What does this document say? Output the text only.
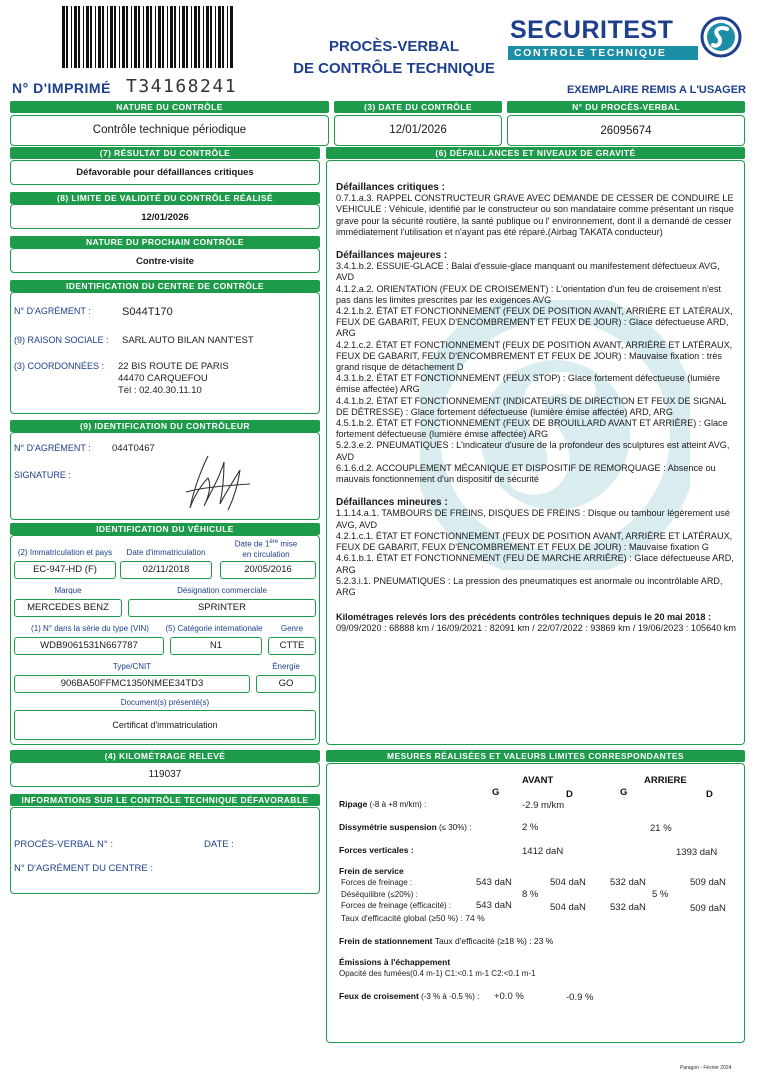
N° D'IMPRIMÉ T34168241
PROCÈS-VERBAL
DE CONTRÔLE TECHNIQUE
SECURITEST
CONTROLE TECHNIQUE
EXEMPLAIRE REMIS A L'USAGER
NATURE DU CONTRÔLE
Contrôle technique périodique
(3) DATE DU CONTRÔLE
12/01/2026
N° DU PROCÈS-VERBAL
26095674
(7) RÉSULTAT DU CONTRÔLE
Défavorable pour défaillances critiques
(8) LIMITE DE VALIDITÉ DU CONTRÔLE RÉALISÉ
12/01/2026
NATURE DU PROCHAIN CONTRÔLE
Contre-visite
IDENTIFICATION DU CENTRE DE CONTRÔLE
N° D'AGRÉMENT :	S044T170
(9) RAISON SOCIALE : SARL AUTO BILAN NANT'EST
(3) COORDONNÉES : 22 BIS ROUTE DE PARIS
44470 CARQUEFOU
Tél : 02.40.30.11.10
(9) IDENTIFICATION DU CONTRÔLEUR
N° D'AGRÉMENT : 044T0467
SIGNATURE :
IDENTIFICATION DU VÉHICULE
(2) Immatriculation et pays	Date d'immatriculation
Date de 1ère mise
en circulation
EC-947-HD (F)	02/11/2018	20/05/2016
Marque	Désignation commerciale
MERCEDES BENZ	SPRINTER
(1) N° dans la série du type (VIN)	(5) Catégorie internationale	Genre
WDB9061531N667787	N1	CTTE
Type/CNIT	Énergie
906BA50FFMC1350NMEE34TD3	GO
Document(s) présenté(s)
Certificat d'immatriculation
(4) KILOMÉTRAGE RELEVÉ
119037
INFORMATIONS SUR LE CONTRÔLE TECHNIQUE DÉFAVORABLE
PROCÈS-VERBAL N° :	DATE :
N° D'AGRÉMENT DU CENTRE :
(6) DÉFAILLANCES ET NIVEAUX DE GRAVITÉ

Défaillances critiques :

0.7.1.a.3. RAPPEL CONSTRUCTEUR GRAVE AVEC DEMANDE DE CESSER DE CONDUIRE LE VEHICULE : Véhicule, identifié par le constructeur ou son mandataire comme présentant un risque grave pour la sécurité routière, la santé publique ou l' environnement, dont il a demandé de cesser immédiatement l'utilisation et n'ayant pas été réparé.(Airbag TAKATA conducteur)

Défaillances majeures :

3.4.1.b.2. ESSUIE-GLACE : Balai d'essuie-glace manquant ou manifestement défectueux AVG, AVD

4.1.2.a.2. ORIENTATION (FEUX DE CROISEMENT) : L'orientation d'un feu de croisement n'est pas dans les limites prescrites par les exigences AVG

4.2.1.b.2. ÉTAT ET FONCTIONNEMENT (FEUX DE POSITION AVANT, ARRIÈRE ET LATÉRAUX, FEUX DE GABARIT, FEUX D'ENCOMBREMENT ET FEUX DE JOUR) : Glace défectueuse ARD, ARG

4.2.1.c.2. ÉTAT ET FONCTIONNEMENT (FEUX DE POSITION AVANT, ARRIÈRE ET LATÉRAUX, FEUX DE GABARIT, FEUX D'ENCOMBREMENT ET FEUX DE JOUR) : Mauvaise fixation : très grand risque de détachement D

4.3.1.b.2. ÉTAT ET FONCTIONNEMENT (FEUX STOP) : Glace fortement défectueuse (lumière émise affectée) ARG

4.4.1.b.2. ÉTAT ET FONCTIONNEMENT (INDICATEURS DE DIRECTION ET FEUX DE SIGNAL DE DÉTRESSE) : Glace fortement défectueuse (lumière émise affectée) ARD, ARG

4.5.1.b.2. ÉTAT ET FONCTIONNEMENT (FEUX DE BROUILLARD AVANT ET ARRIÈRE) : Glace fortement défectueuse (lumière émise affectée) ARG

5.2.3.e.2. PNEUMATIQUES : L'indicateur d'usure de la profondeur des sculptures est atteint AVG, AVD

6.1.6.d.2. ACCOUPLEMENT MÉCANIQUE ET DISPOSITIF DE REMORQUAGE : Absence ou mauvais fonctionnement d'un dispositif de sécurité

Défaillances mineures :

1.1.14.a.1. TAMBOURS DE FREINS, DISQUES DE FREINS : Disque ou tambour légèrement usé AVG, AVD

4.2.1.c.1. ÉTAT ET FONCTIONNEMENT (FEUX DE POSITION AVANT, ARRIÈRE ET LATÉRAUX, FEUX DE GABARIT, FEUX D'ENCOMBREMENT ET FEUX DE JOUR) : Mauvaise fixation G

4.6.1.b.1. ÉTAT ET FONCTIONNEMENT (FEU DE MARCHE ARRIÈRE) : Glace défectueuse ARD, ARG

5.2.3.i.1. PNEUMATIQUES : La pression des pneumatiques est anormale ou incontrôlable ARD, ARG

Kilométrages relevés lors des précédents contrôles techniques depuis le 20 mai 2018 : 09/09/2020 : 68888 km / 16/09/2021 : 82091 km / 22/07/2022 : 93869 km / 19/06/2023 : 105640 km

MESURES RÉALISÉES ET VALEURS LIMITES CORRESPONDANTES
AVANT	ARRIERE
G	D	G	D
Ripage (-8 à +8 m/km) :	-2.9 m/km
Dissymétrie suspension (≤ 30%) :	2 %	21 %
Forces verticales :	1412 daN	1393 daN
Frein de service
Forces de freinage :	543 daN	504 daN	532 daN	509 daN
Déséquilibre (≤20%) :	8 %	5 %
Forces de freinage (efficacité) :	543 daN	504 daN	532 daN	509 daN
Taux d'efficacité global (≥50 %) : 74 %
Frein de stationnement Taux d'efficacité (≥18 %) : 23 %
Émissions à l'échappement
Opacité des fumées(0.4 m-1) C1:<0.1 m-1 C2:<0.1 m-1
Feux de croisement (-3 % à -0.5 %) : +0.0 %	-0.9 %
Paragon - Février 2024
